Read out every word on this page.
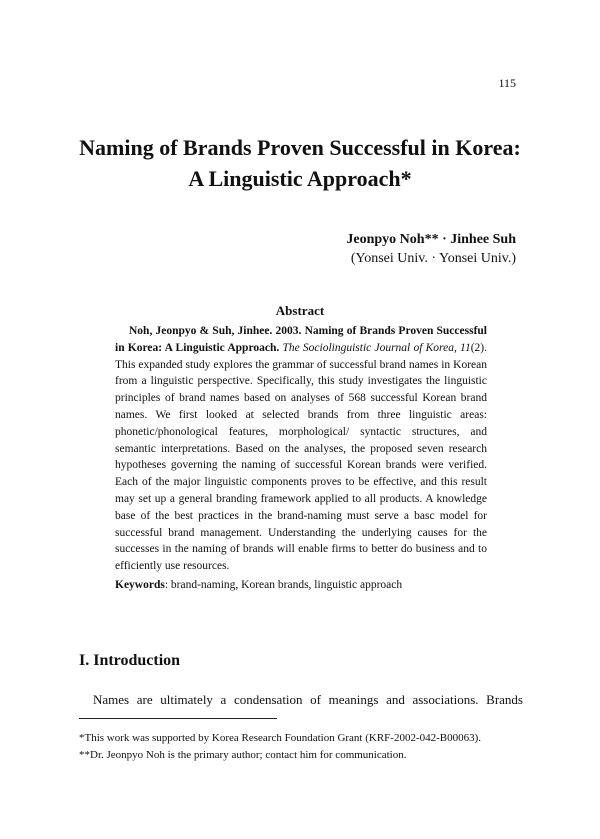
115
Naming of Brands Proven Successful in Korea:
A Linguistic Approach*
Jeonpyo Noh** · Jinhee Suh
(Yonsei Univ. · Yonsei Univ.)
Abstract

Noh, Jeonpyo & Suh, Jinhee. 2003. Naming of Brands Proven Successful in Korea: A Linguistic Approach. The Sociolinguistic Journal of Korea, 11(2). This expanded study explores the grammar of successful brand names in Korean from a linguistic perspective. Specifically, this study investigates the linguistic principles of brand names based on analyses of 568 successful Korean brand names. We first looked at selected brands from three linguistic areas: phonetic/phonological features, morphological/ syntactic structures, and semantic interpretations. Based on the analyses, the proposed seven research hypotheses governing the naming of successful Korean brands were verified. Each of the major linguistic components proves to be effective, and this result may set up a general branding framework applied to all products. A knowledge base of the best practices in the brand-naming must serve a basc model for successful brand management. Understanding the underlying causes for the successes in the naming of brands will enable firms to better do business and to efficiently use resources.

Keywords: brand-naming, Korean brands, linguistic approach
I. Introduction
Names are ultimately a condensation of meanings and associations. Brands
*This work was supported by Korea Research Foundation Grant (KRF-2002-042-B00063).
**Dr. Jeonpyo Noh is the primary author; contact him for communication.
